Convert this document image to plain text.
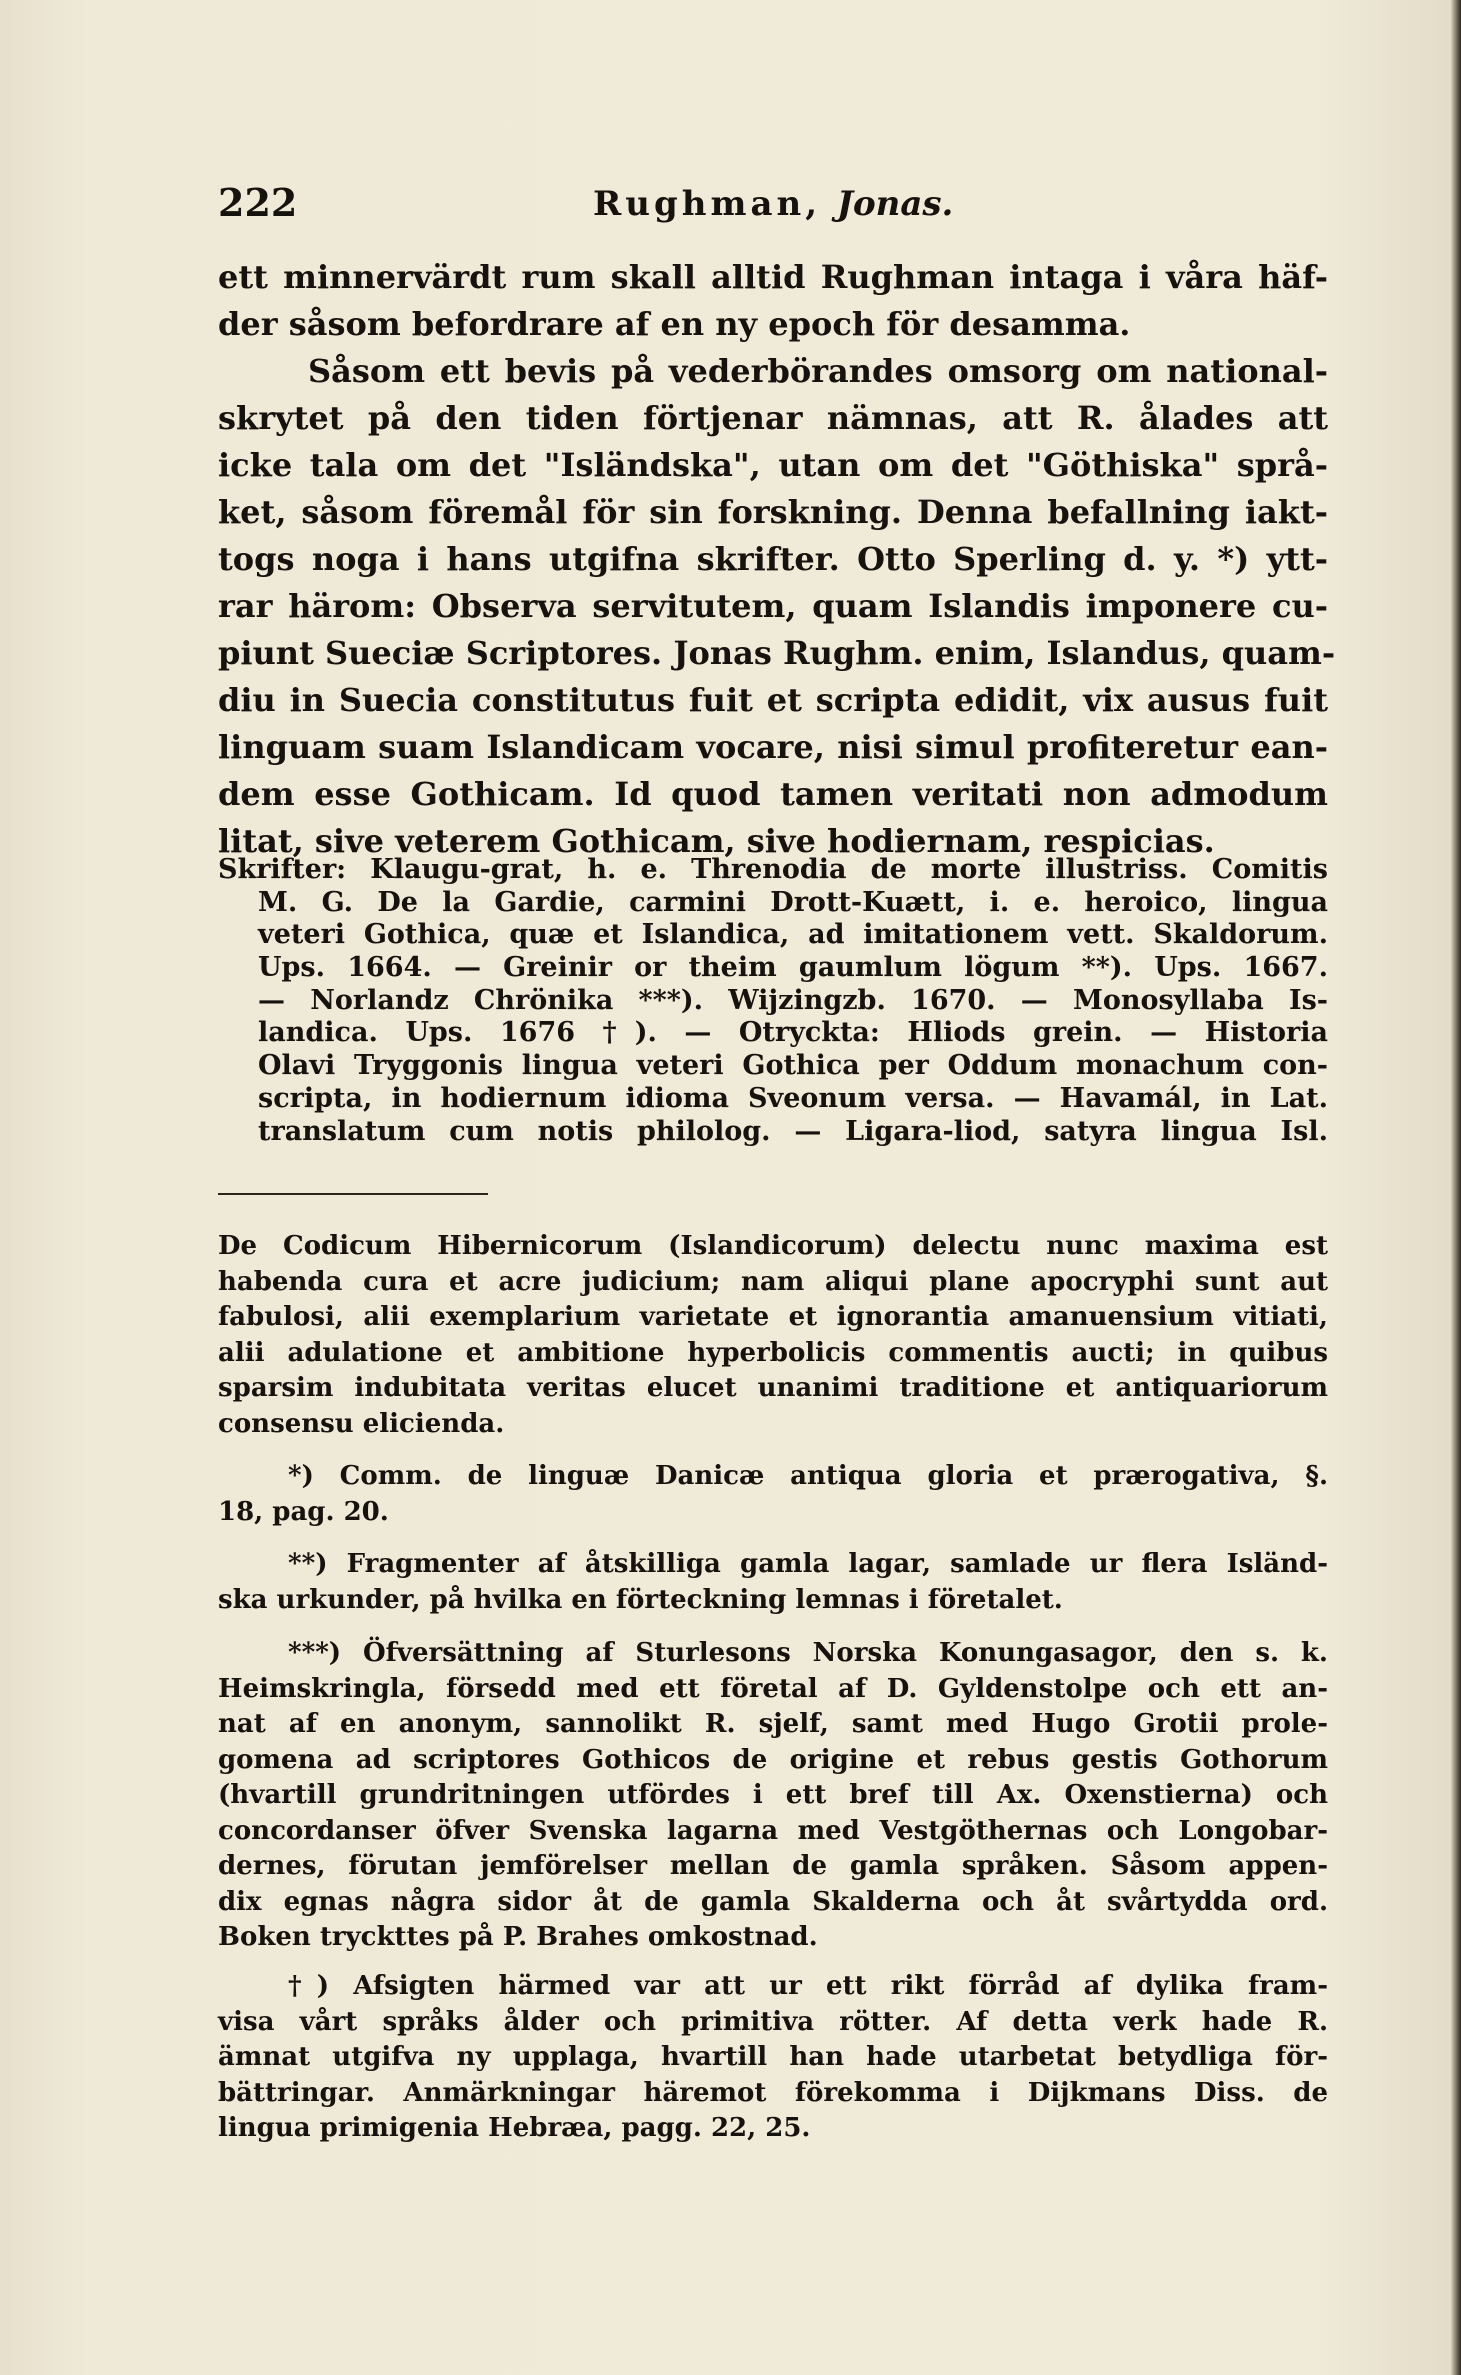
222	Rughman, Jonas.
ett minnervärdt rum skall alltid Rughman intaga i våra häf-
der såsom befordrare af en ny epoch för desamma.
Såsom ett bevis på vederbörandes omsorg om national-
skrytet på den tiden förtjenar nämnas, att R. ålades att
icke tala om det "Isländska", utan om det "Göthiska" språ-
ket, såsom föremål för sin forskning. Denna befallning iakt-
togs noga i hans utgifna skrifter. Otto Sperling d. y. *) ytt-
rar härom: Observa servitutem, quam Islandis imponere cu-
piunt Sueciæ Scriptores. Jonas Rughm. enim, Islandus, quam-
diu in Suecia constitutus fuit et scripta edidit, vix ausus fuit
linguam suam Islandicam vocare, nisi simul profiteretur ean-
dem esse Gothicam. Id quod tamen veritati non admodum
litat, sive veterem Gothicam, sive hodiernam, respicias.
Skrifter: Klaugu-grat, h. e. Threnodia de morte illustriss. Comitis
M. G. De la Gardie, carmini Drott-Kuætt, i. e. heroico, lingua
veteri Gothica, quæ et Islandica, ad imitationem vett. Skaldorum.
Ups. 1664. — Greinir or theim gaumlum lögum **). Ups. 1667.
— Norlandz Chrönika ***). Wijzingzb. 1670. — Monosyllaba Is-
landica. Ups. 1676 †). — Otryckta: Hliods grein. — Historia
Olavi Tryggonis lingua veteri Gothica per Oddum monachum con-
scripta, in hodiernum idioma Sveonum versa. — Havamál, in Lat.
translatum cum notis philolog. — Ligara-liod, satyra lingua Isl.
De Codicum Hibernicorum (Islandicorum) delectu nunc maxima est
habenda cura et acre judicium; nam aliqui plane apocryphi sunt aut
fabulosi, alii exemplarium varietate et ignorantia amanuensium vitiati,
alii adulatione et ambitione hyperbolicis commentis aucti; in quibus
sparsim indubitata veritas elucet unanimi traditione et antiquariorum
consensu elicienda.
*) Comm. de linguæ Danicæ antiqua gloria et prærogativa, §.
18, pag. 20.
**) Fragmenter af åtskilliga gamla lagar, samlade ur flera Isländ-
ska urkunder, på hvilka en förteckning lemnas i företalet.
***) Öfversättning af Sturlesons Norska Konungasagor, den s. k.
Heimskringla, försedd med ett företal af D. Gyldenstolpe och ett an-
nat af en anonym, sannolikt R. sjelf, samt med Hugo Grotii prole-
gomena ad scriptores Gothicos de origine et rebus gestis Gothorum
(hvartill grundritningen utfördes i ett bref till Ax. Oxenstierna) och
concordanser öfver Svenska lagarna med Vestgöthernas och Longobar-
dernes, förutan jemförelser mellan de gamla språken. Såsom appen-
dix egnas några sidor åt de gamla Skalderna och åt svårtydda ord.
Boken tryckttes på P. Brahes omkostnad.
†) Afsigten härmed var att ur ett rikt förråd af dylika fram-
visa vårt språks ålder och primitiva rötter. Af detta verk hade R.
ämnat utgifva ny upplaga, hvartill han hade utarbetat betydliga för-
bättringar. Anmärkningar häremot förekomma i Dijkmans Diss. de
lingua primigenia Hebræa, pagg. 22, 25.
